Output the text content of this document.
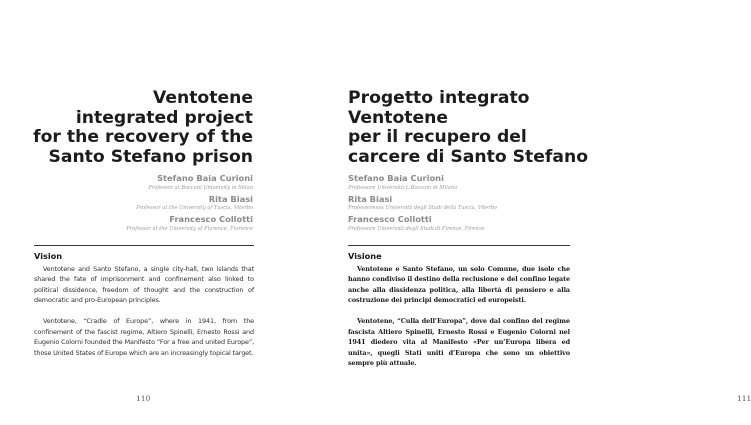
Ventotene
integrated project
for the recovery of the
Santo Stefano prison
Stefano Baia Curioni
Professor at Bocconi University in Milan
Rita Biasi
Professor at the University of Tuscia, Viterbo
Francesco Collotti
Professor at the University of Florence, Florence
Vision

Ventotene and Santo Stefano, a single city-hall, two islands that shared the fate of imprisonment and confinement also linked to political dissidence, freedom of thought and the construction of democratic and pro-European principles.

Ventotene, “Cradle of Europe”, where in 1941, from the confinement of the fascist regime, Altiero Spinelli, Ernesto Rossi and Eugenio Colorni founded the Manifesto “For a free and united Europe”, those United States of Europe which are an increasingly topical target.

110
Progetto integrato
Ventotene
per il recupero del
carcere di Santo Stefano
Stefano Baia Curioni
Professore Università L.Bocconi di Milano
Rita Biasi
Professoressa Università degli Studi della Tuscia, Viterbo
Francesco Collotti
Professore Università degli Studi di Firenze, Firenze
Visione

Ventotene e Santo Stefano, un solo Comune, due isole che hanno condiviso il destino della reclusione e del confino legate anche alla dissidenza politica, alla libertà di pensiero e alla costruzione dei principi democratici ed europeisti.

Ventotene, “Culla dell’Europa”, dove dal confino del regime fascista Altiero Spinelli, Ernesto Rossi e Eugenio Colorni nel 1941 diedero vita al Manifesto «Per un’Europa libera ed unita», quegli Stati uniti d’Europa che sono un obiettivo sempre più attuale.

111
